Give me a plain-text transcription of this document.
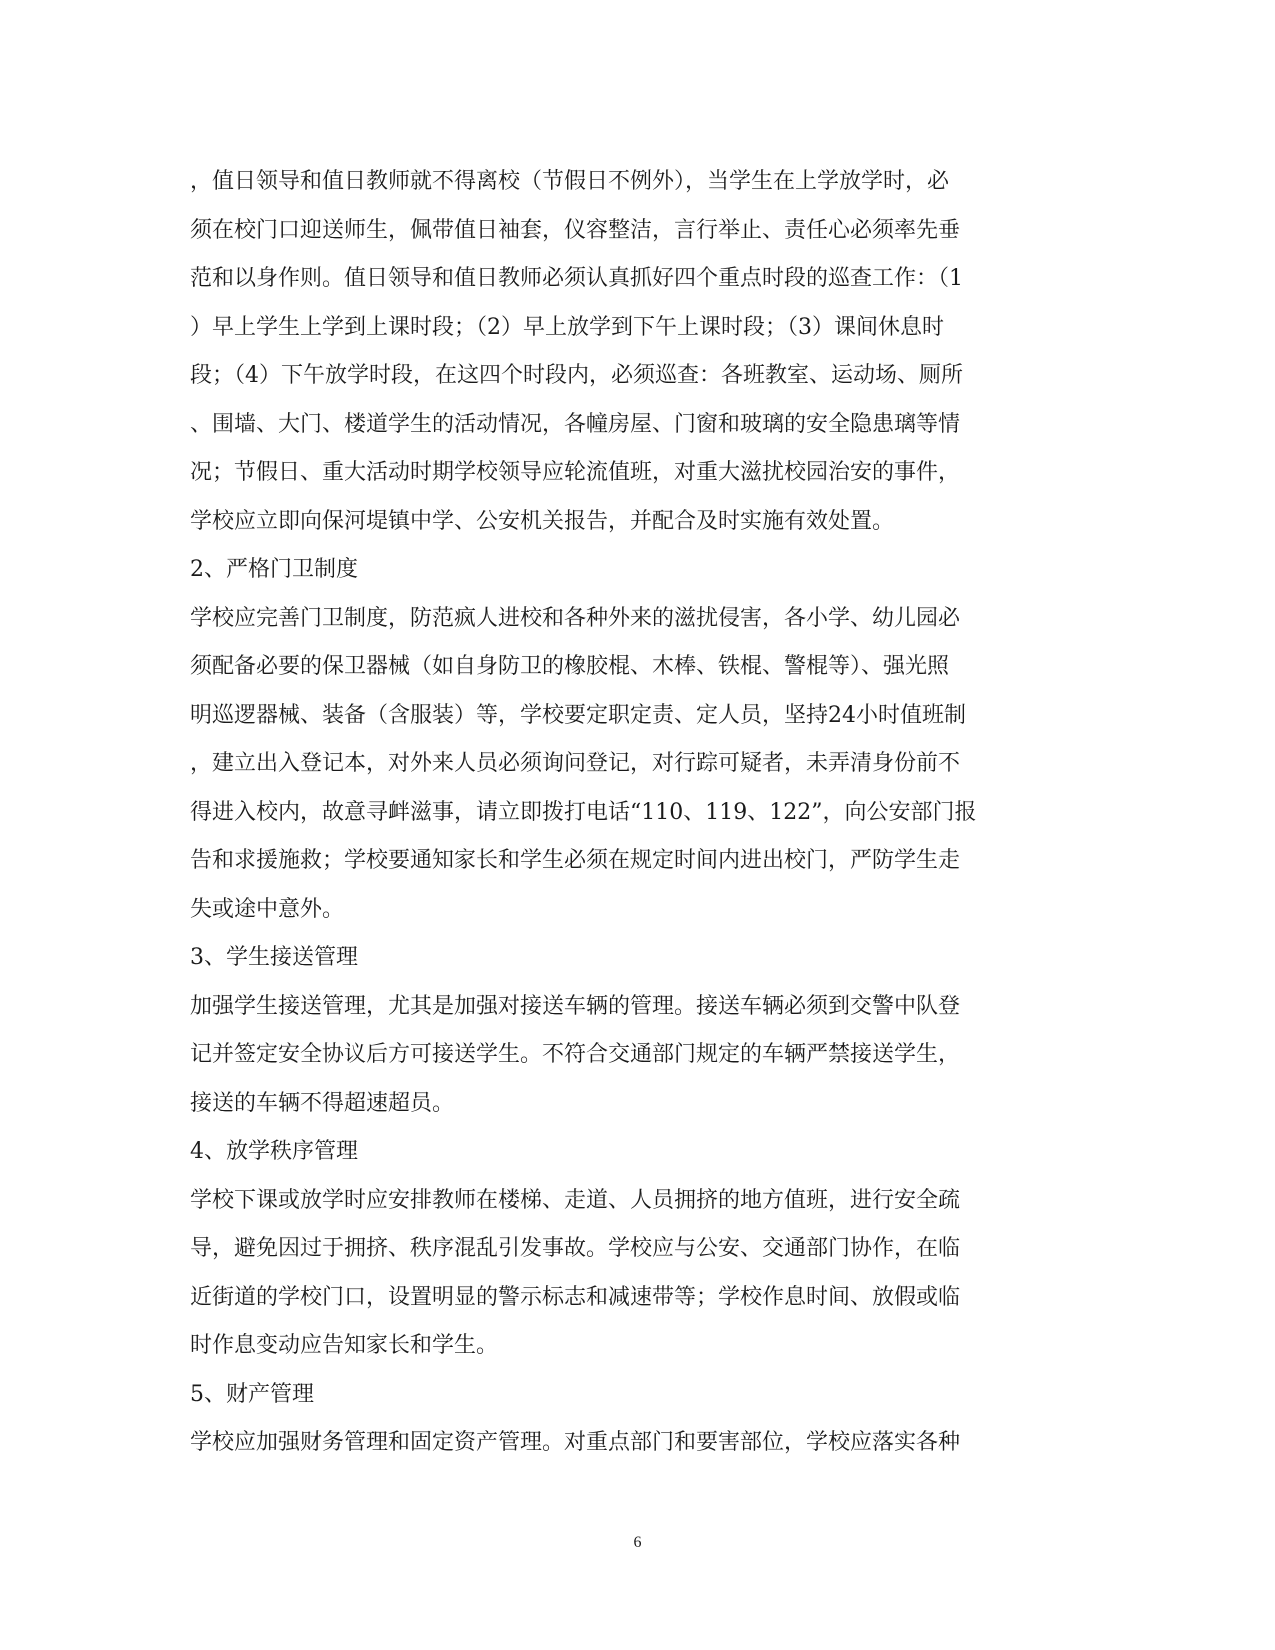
，值日领导和值日教师就不得离校（节假日不例外），当学生在上学放学时，必
须在校门口迎送师生，佩带值日袖套，仪容整洁，言行举止、责任心必须率先垂
范和以身作则。值日领导和值日教师必须认真抓好四个重点时段的巡查工作：（1
）早上学生上学到上课时段；（2）早上放学到下午上课时段；（3）课间休息时
段；（4）下午放学时段，在这四个时段内，必须巡查：各班教室、运动场、厕所
、围墙、大门、楼道学生的活动情况，各幢房屋、门窗和玻璃的安全隐患璃等情
况；节假日、重大活动时期学校领导应轮流值班，对重大滋扰校园治安的事件，
学校应立即向保河堤镇中学、公安机关报告，并配合及时实施有效处置。
2、严格门卫制度
学校应完善门卫制度，防范疯人进校和各种外来的滋扰侵害，各小学、幼儿园必
须配备必要的保卫器械（如自身防卫的橡胶棍、木棒、铁棍、警棍等）、强光照
明巡逻器械、装备（含服装）等，学校要定职定责、定人员，坚持24小时值班制
，建立出入登记本，对外来人员必须询问登记，对行踪可疑者，未弄清身份前不
得进入校内，故意寻衅滋事，请立即拨打电话“110、119、122”，向公安部门报
告和求援施救；学校要通知家长和学生必须在规定时间内进出校门，严防学生走
失或途中意外。
3、学生接送管理
加强学生接送管理，尤其是加强对接送车辆的管理。接送车辆必须到交警中队登
记并签定安全协议后方可接送学生。不符合交通部门规定的车辆严禁接送学生，
接送的车辆不得超速超员。
4、放学秩序管理
学校下课或放学时应安排教师在楼梯、走道、人员拥挤的地方值班，进行安全疏
导，避免因过于拥挤、秩序混乱引发事故。学校应与公安、交通部门协作，在临
近街道的学校门口，设置明显的警示标志和减速带等；学校作息时间、放假或临
时作息变动应告知家长和学生。
5、财产管理
学校应加强财务管理和固定资产管理。对重点部门和要害部位，学校应落实各种
6
